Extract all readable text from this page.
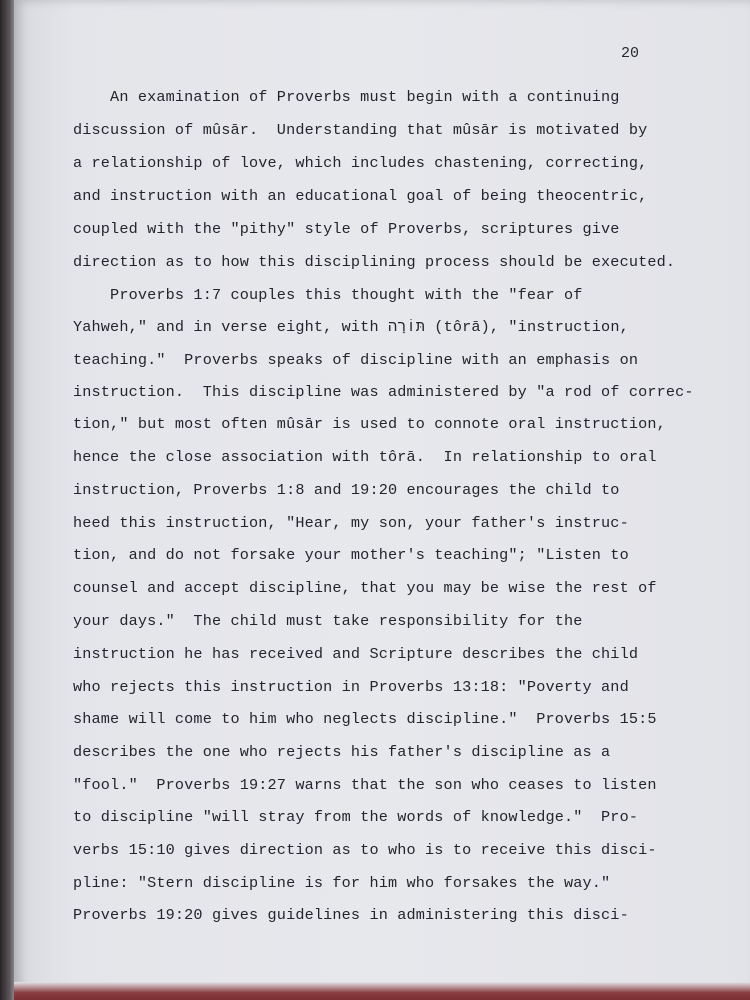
20
An examination of Proverbs must begin with a continuing
discussion of mûsār.  Understanding that mûsār is motivated by
a relationship of love, which includes chastening, correcting,
and instruction with an educational goal of being theocentric,
coupled with the "pithy" style of Proverbs, scriptures give
direction as to how this disciplining process should be executed.
Proverbs 1:7 couples this thought with the "fear of
Yahweh," and in verse eight, with תּוֹרָה (tôrā), "instruction,
teaching."  Proverbs speaks of discipline with an emphasis on
instruction.  This discipline was administered by "a rod of correc-
tion," but most often mûsār is used to connote oral instruction,
hence the close association with tôrā.  In relationship to oral
instruction, Proverbs 1:8 and 19:20 encourages the child to
heed this instruction, "Hear, my son, your father's instruc-
tion, and do not forsake your mother's teaching"; "Listen to
counsel and accept discipline, that you may be wise the rest of
your days."  The child must take responsibility for the
instruction he has received and Scripture describes the child
who rejects this instruction in Proverbs 13:18: "Poverty and
shame will come to him who neglects discipline."  Proverbs 15:5
describes the one who rejects his father's discipline as a
"fool."  Proverbs 19:27 warns that the son who ceases to listen
to discipline "will stray from the words of knowledge."  Pro-
verbs 15:10 gives direction as to who is to receive this disci-
pline: "Stern discipline is for him who forsakes the way."
Proverbs 19:20 gives guidelines in administering this disci-
